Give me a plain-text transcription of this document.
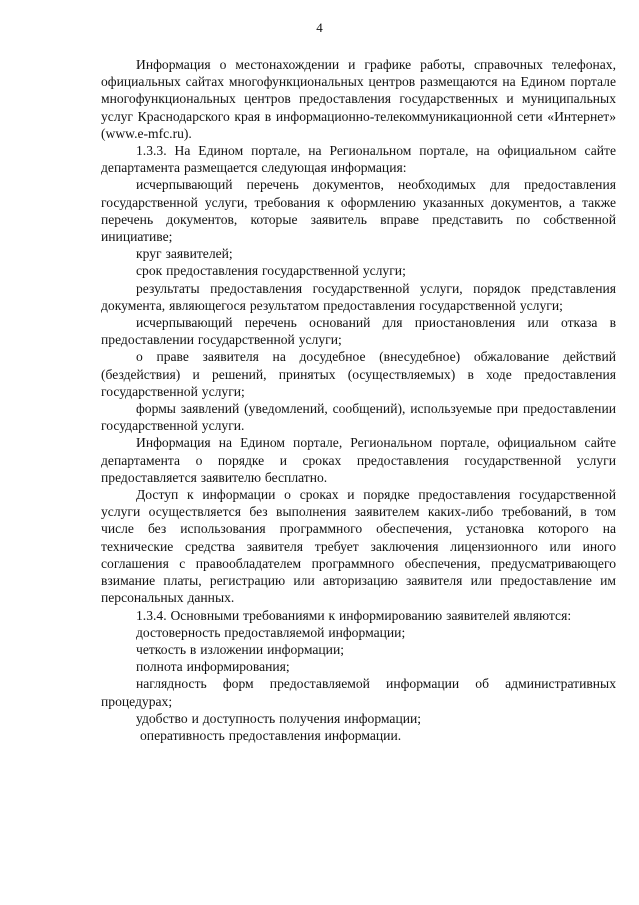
4

Информация о местонахождении и графике работы, справочных телефонах, официальных сайтах многофункциональных центров размещаются на Едином портале многофункциональных центров предоставления государственных и муниципальных услуг Краснодарского края в информационно-телекоммуникационной сети «Интернет» (www.e-mfc.ru).

1.3.3. На Едином портале, на Региональном портале, на официальном сайте департамента размещается следующая информация:

исчерпывающий перечень документов, необходимых для предоставления государственной услуги, требования к оформлению указанных документов, а также перечень документов, которые заявитель вправе представить по собственной инициативе;

круг заявителей;

срок предоставления государственной услуги;

результаты предоставления государственной услуги, порядок представления документа, являющегося результатом предоставления государственной услуги;

исчерпывающий перечень оснований для приостановления или отказа в предоставлении государственной услуги;

о праве заявителя на досудебное (внесудебное) обжалование действий (бездействия) и решений, принятых (осуществляемых) в ходе предоставления государственной услуги;

формы заявлений (уведомлений, сообщений), используемые при предоставлении государственной услуги.

Информация на Едином портале, Региональном портале, официальном сайте департамента о порядке и сроках предоставления государственной услуги предоставляется заявителю бесплатно.

Доступ к информации о сроках и порядке предоставления государственной услуги осуществляется без выполнения заявителем каких-либо требований, в том числе без использования программного обеспечения, установка которого на технические средства заявителя требует заключения лицензионного или иного соглашения с правообладателем программного обеспечения, предусматривающего взимание платы, регистрацию или авторизацию заявителя или предоставление им персональных данных.

1.3.4. Основными требованиями к информированию заявителей являются:

достоверность предоставляемой информации;

четкость в изложении информации;

полнота информирования;

наглядность форм предоставляемой информации об административных процедурах;

удобство и доступность получения информации;

оперативность предоставления информации.
